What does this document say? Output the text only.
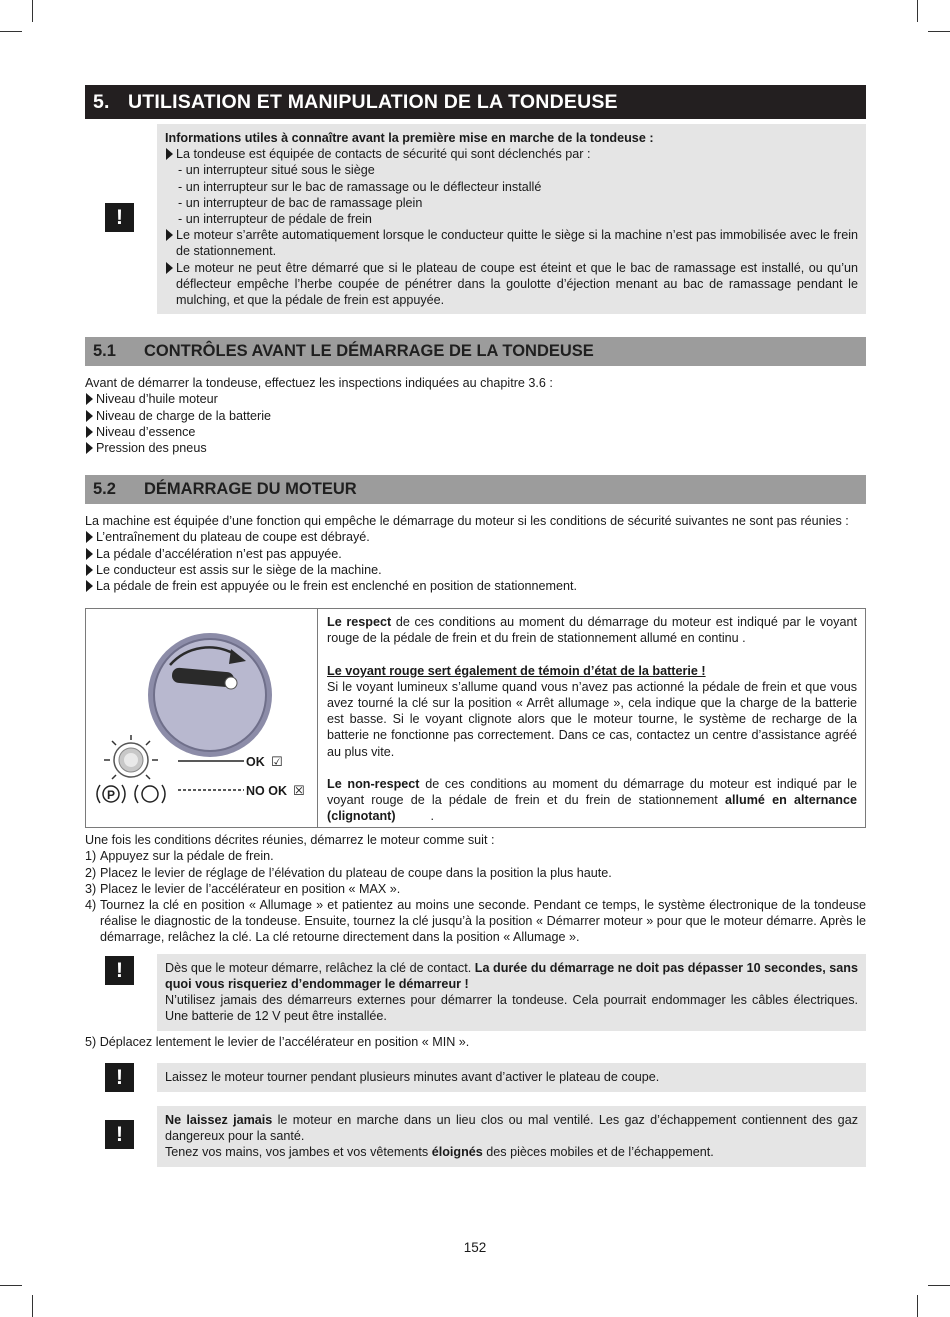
5. UTILISATION ET MANIPULATION DE LA TONDEUSE
!
Informations utiles à connaître avant la première mise en marche de la tondeuse :
La tondeuse est équipée de contacts de sécurité qui sont déclenchés par :
- un interrupteur situé sous le siège
- un interrupteur sur le bac de ramassage ou le déflecteur installé
- un interrupteur de bac de ramassage plein
- un interrupteur de pédale de frein
Le moteur s’arrête automatiquement lorsque le conducteur quitte le siège si la machine n’est pas immobilisée avec le frein de stationnement.
Le moteur ne peut être démarré que si le plateau de coupe est éteint et que le bac de ramassage est installé, ou qu’un déflecteur empêche l’herbe coupée de pénétrer dans la goulotte d’éjection menant au bac de ramassage pendant le mulching, et que la pédale de frein est appuyée.
5.1 CONTRÔLES AVANT LE DÉMARRAGE DE LA TONDEUSE
Avant de démarrer la tondeuse, effectuez les inspections indiquées au chapitre 3.6 :
Niveau d’huile moteur
Niveau de charge de la batterie
Niveau d’essence
Pression des pneus
5.2 DÉMARRAGE DU MOTEUR
La machine est équipée d’une fonction qui empêche le démarrage du moteur si les conditions de sécurité suivantes ne sont pas réunies :
L’entraînement du plateau de coupe est débrayé.
La pédale d’accélération n’est pas appuyée.
Le conducteur est assis sur le siège de la machine.
La pédale de frein est appuyée ou le frein est enclenché en position de stationnement.
P
OK ☑
NO OK ☒
Le respect de ces conditions au moment du démarrage du moteur est indiqué par le voyant rouge de la pédale de frein et du frein de stationnement allumé en continu .
Le voyant rouge sert également de témoin d’état de la batterie !
Si le voyant lumineux s’allume quand vous n’avez pas actionné la pédale de frein et que vous avez tourné la clé sur la position « Arrêt allumage », cela indique que la charge de la batterie est basse. Si le voyant clignote alors que le moteur tourne, le système de recharge de la batterie ne fonctionne pas correctement. Dans ce cas, contactez un centre d’assistance agréé au plus vite.
Le non-respect de ces conditions au moment du démarrage du moteur est indiqué par le voyant rouge de la pédale de frein et du frein de stationnement allumé en alternance (clignotant)          .
Une fois les conditions décrites réunies, démarrez le moteur comme suit :
1) Appuyez sur la pédale de frein.
2) Placez le levier de réglage de l’élévation du plateau de coupe dans la position la plus haute.
3) Placez le levier de l’accélérateur en position « MAX ».
4) Tournez la clé en position « Allumage » et patientez au moins une seconde. Pendant ce temps, le système électronique de la tondeuse réalise le diagnostic de la tondeuse. Ensuite, tournez la clé jusqu’à la position « Démarrer moteur » pour que le moteur démarre. Après le démarrage, relâchez la clé. La clé retourne directement dans la position « Allumage ».
!	Dès que le moteur démarre, relâchez la clé de contact. La durée du démarrage ne doit pas dépasser 10 secondes, sans quoi vous risqueriez d’endommager le démarreur !
N’utilisez jamais des démarreurs externes pour démarrer la tondeuse. Cela pourrait endommager les câbles électriques. Une batterie de 12 V peut être installée.
5) Déplacez lentement le levier de l’accélérateur en position « MIN ».
!	Laissez le moteur tourner pendant plusieurs minutes avant d’activer le plateau de coupe.
!
Ne laissez jamais le moteur en marche dans un lieu clos ou mal ventilé. Les gaz d’échappement contiennent des gaz dangereux pour la santé.
Tenez vos mains, vos jambes et vos vêtements éloignés des pièces mobiles et de l’échappement.
152
